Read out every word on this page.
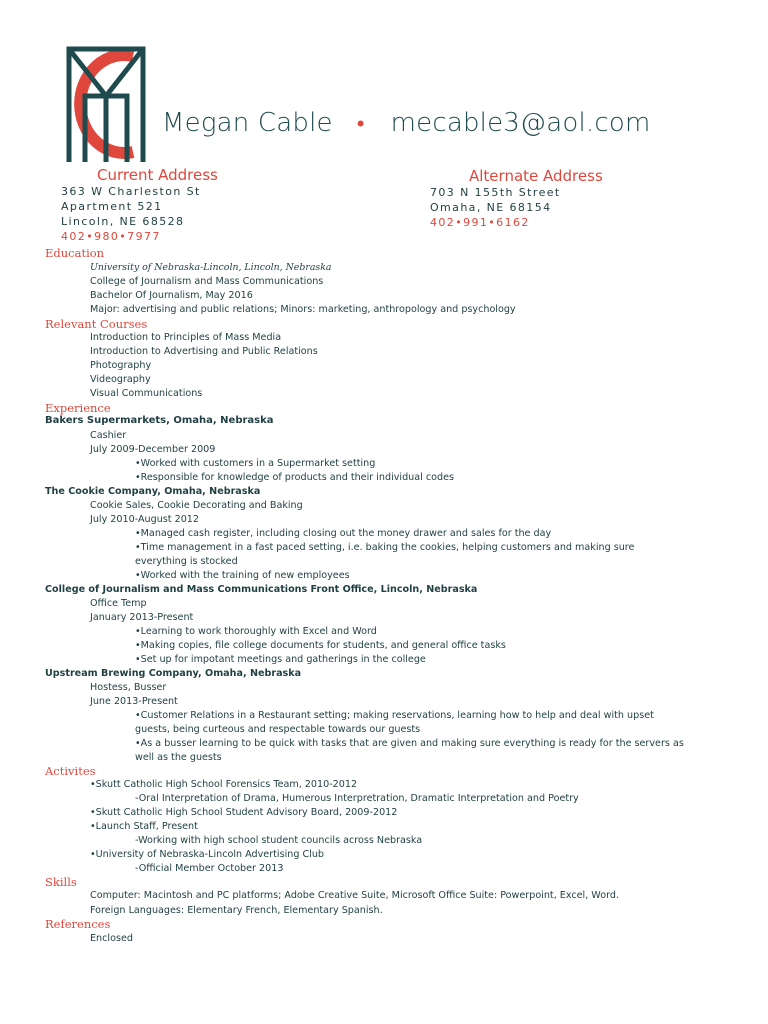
Megan Cable • mecable3@aol.com
Current Address
363 W Charleston St
Apartment 521
Lincoln, NE 68528
402•980•7977
Alternate Address
703 N 155th Street
Omaha, NE 68154
402•991•6162
Education
University of Nebraska-Lincoln, Lincoln, Nebraska
College of Journalism and Mass Communications
Bachelor Of Journalism, May 2016
Major: advertising and public relations; Minors: marketing, anthropology and psychology
Relevant Courses
Introduction to Principles of Mass Media
Introduction to Advertising and Public Relations
Photography
Videography
Visual Communications
Experience
Bakers Supermarkets, Omaha, Nebraska
Cashier
July 2009-December 2009
•Worked with customers in a Supermarket setting
•Responsible for knowledge of products and their individual codes
The Cookie Company, Omaha, Nebraska
Cookie Sales, Cookie Decorating and Baking
July 2010-August 2012
•Managed cash register, including closing out the money drawer and sales for the day
•Time management in a fast paced setting, i.e. baking the cookies, helping customers and making sure
everything is stocked
•Worked with the training of new employees
College of Journalism and Mass Communications Front Office, Lincoln, Nebraska
Office Temp
January 2013-Present
•Learning to work thoroughly with Excel and Word
•Making copies, file college documents for students, and general office tasks
•Set up for impotant meetings and gatherings in the college
Upstream Brewing Company, Omaha, Nebraska
Hostess, Busser
June 2013-Present
•Customer Relations in a Restaurant setting; making reservations, learning how to help and deal with upset
guests, being curteous and respectable towards our guests
•As a busser learning to be quick with tasks that are given and making sure everything is ready for the servers as
well as the guests
Activites
•Skutt Catholic High School Forensics Team, 2010-2012
-Oral Interpretation of Drama, Humerous Interpretration, Dramatic Interpretation and Poetry
•Skutt Catholic High School Student Advisory Board, 2009-2012
•Launch Staff, Present
-Working with high school student councils across Nebraska
•University of Nebraska-Lincoln Advertising Club
-Official Member October 2013
Skills
Computer: Macintosh and PC platforms; Adobe Creative Suite, Microsoft Office Suite: Powerpoint, Excel, Word.
Foreign Languages: Elementary French, Elementary Spanish.
References
Enclosed
